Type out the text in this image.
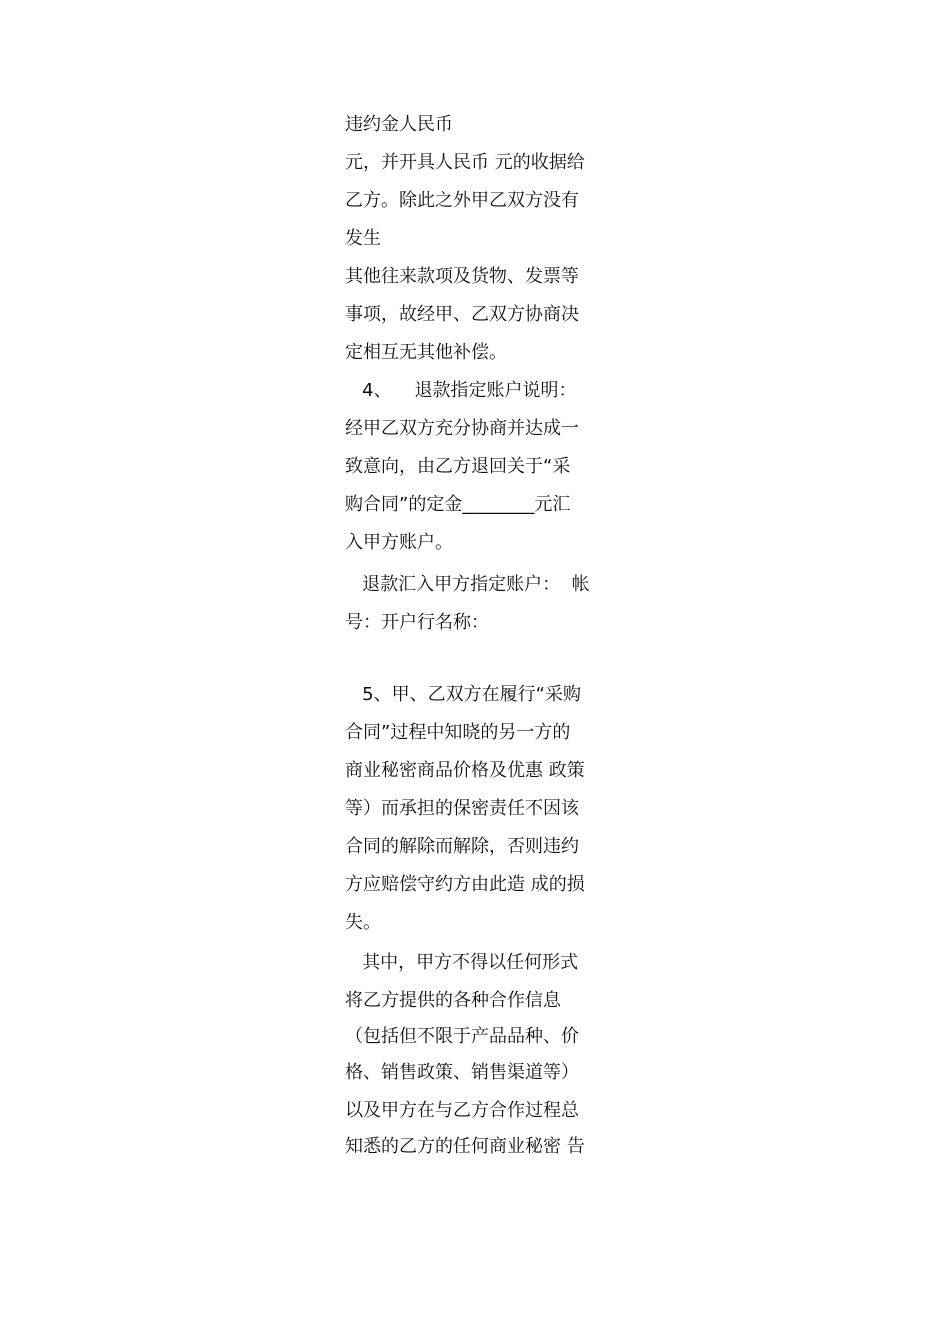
违约金人民币
元，并开具人民币 元的收据给
乙方。除此之外甲乙双方没有
发生
其他往来款项及货物、发票等
事项，故经甲、乙双方协商决
定相互无其他补偿。
4、    退款指定账户说明：
经甲乙双方充分协商并达成一
致意向，由乙方退回关于“采
购合同”的定金________元汇
入甲方账户。
退款汇入甲方指定账户：  帐
号：开户行名称：
5、甲、乙双方在履行“采购
合同”过程中知晓的另一方的
商业秘密商品价格及优惠 政策
等）而承担的保密责任不因该
合同的解除而解除，否则违约
方应赔偿守约方由此造 成的损
失。
其中，甲方不得以任何形式
将乙方提供的各种合作信息
（包括但不限于产品品种、价
格、销售政策、销售渠道等）
以及甲方在与乙方合作过程总
知悉的乙方的任何商业秘密 告
